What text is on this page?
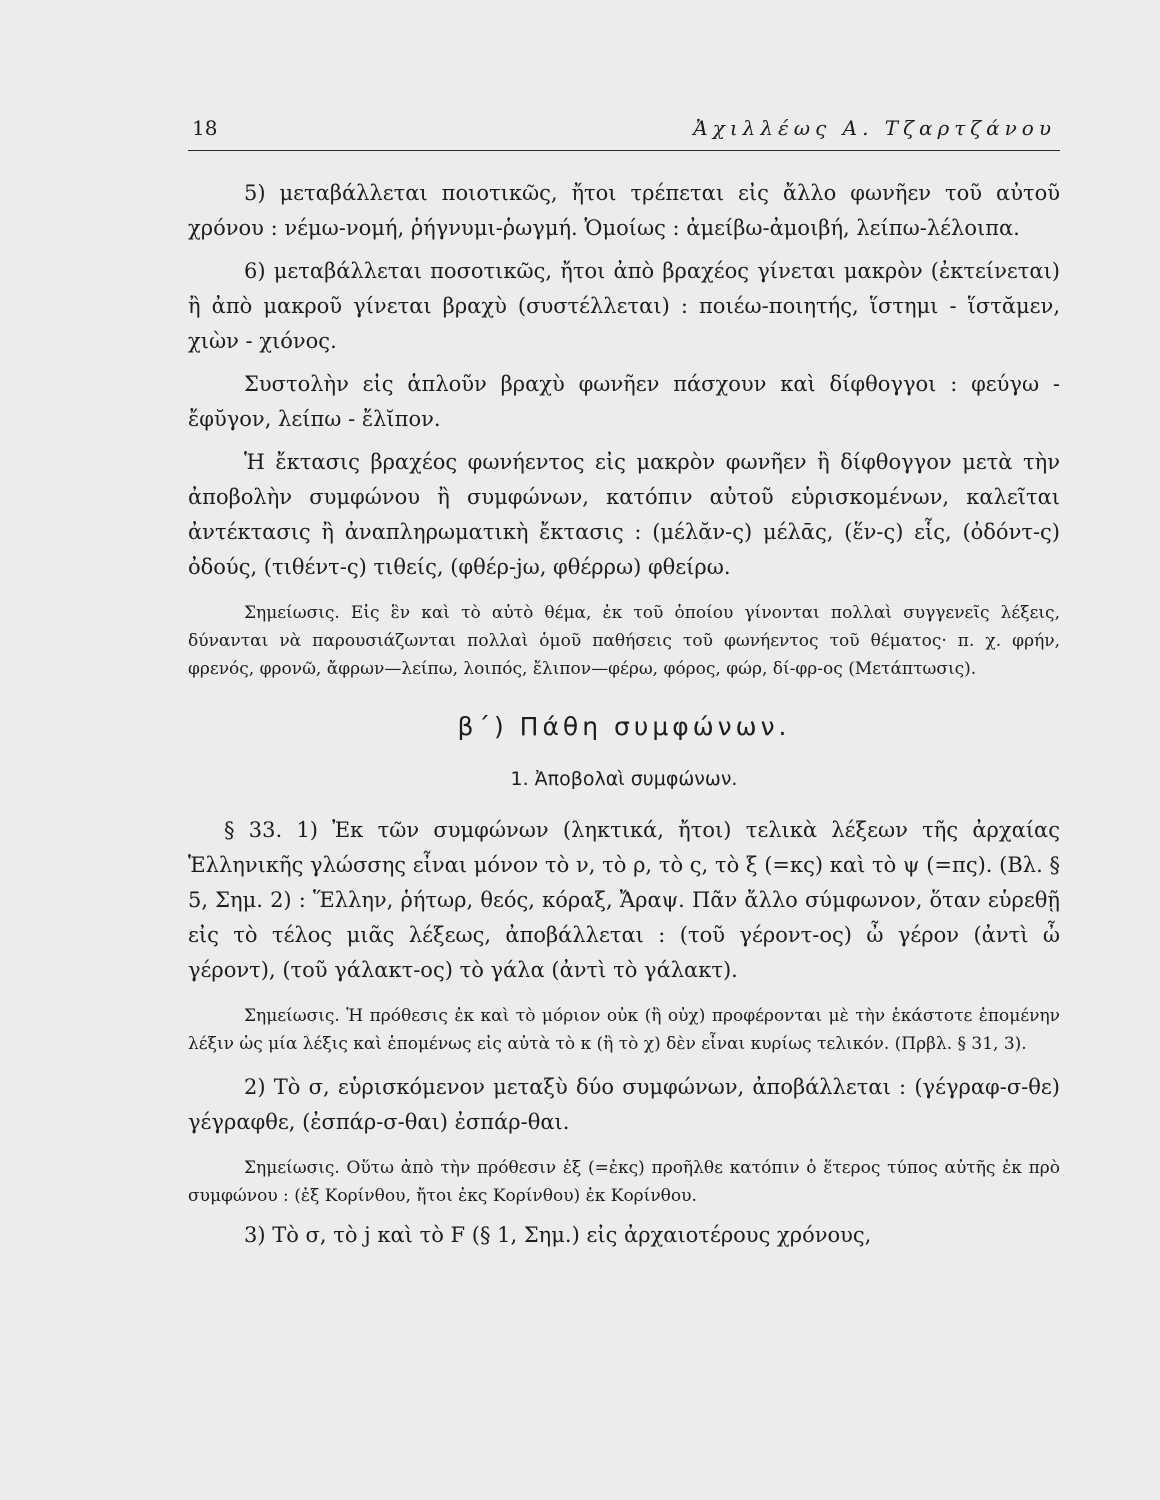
18	Ἀχιλλέως Α. Τζαρτζάνου

5) μεταβάλλεται ποιοτικῶς, ἤτοι τρέπεται εἰς ἄλλο φωνῆεν τοῦ αὐτοῦ χρόνου : νέμω-νομή, ῥήγνυμι-ῥωγμή. Ὁμοίως : ἀμείβω-ἀμοιβή, λείπω-λέλοιπα.

6) μεταβάλλεται ποσοτικῶς, ἤτοι ἀπὸ βραχέος γίνεται μακρὸν (ἐκτείνεται) ἢ ἀπὸ μακροῦ γίνεται βραχὺ (συστέλλεται) : ποιέω-ποιητής, ἵστημι - ἵστᾰμεν, χιὼν - χιόνος.

Συστολὴν εἰς ἁπλοῦν βραχὺ φωνῆεν πάσχουν καὶ δίφθογγοι : φεύγω - ἔφῠγον, λείπω - ἔλῐπον.

Ἡ ἔκτασις βραχέος φωνήεντος εἰς μακρὸν φωνῆεν ἢ δίφθογγον μετὰ τὴν ἀποβολὴν συμφώνου ἢ συμφώνων, κατόπιν αὐτοῦ εὑρισκομένων, καλεῖται ἀντέκτασις ἢ ἀναπληρωματικὴ ἔκτασις : (μέλᾰν-ς) μέλᾱς, (ἕν-ς) εἷς, (ὀδόντ-ς) ὀδούς, (τιθέντ-ς) τιθείς, (φθέρ-jω, φθέρρω) φθείρω.

Σημείωσις. Εἰς ἓν καὶ τὸ αὐτὸ θέμα, ἐκ τοῦ ὁποίου γίνονται πολλαὶ συγγενεῖς λέξεις, δύνανται νὰ παρουσιάζωνται πολλαὶ ὁμοῦ παθήσεις τοῦ φωνήεντος τοῦ θέματος· π. χ. φρήν, φρενός, φρονῶ, ἄφρων—λείπω, λοιπός, ἔλιπον—φέρω, φόρος, φώρ, δί-φρ-ος (Μετάπτωσις).

β´) Πάθη συμφώνων.
1. Ἀποβολαὶ συμφώνων.

§ 33. 1) Ἐκ τῶν συμφώνων (ληκτικά, ἤτοι) τελικὰ λέξεων τῆς ἀρχαίας Ἑλληνικῆς γλώσσης εἶναι μόνον τὸ ν, τὸ ρ, τὸ ς, τὸ ξ (=κς) καὶ τὸ ψ (=πς). (Βλ. § 5, Σημ. 2) : Ἕλλην, ῥήτωρ, θεός, κόραξ, Ἄραψ. Πᾶν ἄλλο σύμφωνον, ὅταν εὑρεθῇ εἰς τὸ τέλος μιᾶς λέξεως, ἀποβάλλεται : (τοῦ γέροντ-ος) ὦ γέρον (ἀντὶ ὦ γέροντ), (τοῦ γάλακτ-ος) τὸ γάλα (ἀντὶ τὸ γάλακτ).

Σημείωσις. Ἡ πρόθεσις ἐκ καὶ τὸ μόριον οὐκ (ἢ οὐχ) προφέρονται μὲ τὴν ἑκάστοτε ἑπομένην λέξιν ὡς μία λέξις καὶ ἑπομένως εἰς αὐτὰ τὸ κ (ἢ τὸ χ) δὲν εἶναι κυρίως τελικόν. (Πρβλ. § 31, 3).

2) Τὸ σ, εὑρισκόμενον μεταξὺ δύο συμφώνων, ἀποβάλλεται : (γέγραφ-σ-θε) γέγραφθε, (ἐσπάρ-σ-θαι) ἐσπάρ-θαι.

Σημείωσις. Οὕτω ἀπὸ τὴν πρόθεσιν ἐξ (=ἐκς) προῆλθε κατόπιν ὁ ἕτερος τύπος αὐτῆς ἐκ πρὸ συμφώνου : (ἐξ Κορίνθου, ἤτοι ἐκς Κορίνθου) ἐκ Κορίνθου.

3) Τὸ σ, τὸ j καὶ τὸ F (§ 1, Σημ.) εἰς ἀρχαιοτέρους χρόνους,
